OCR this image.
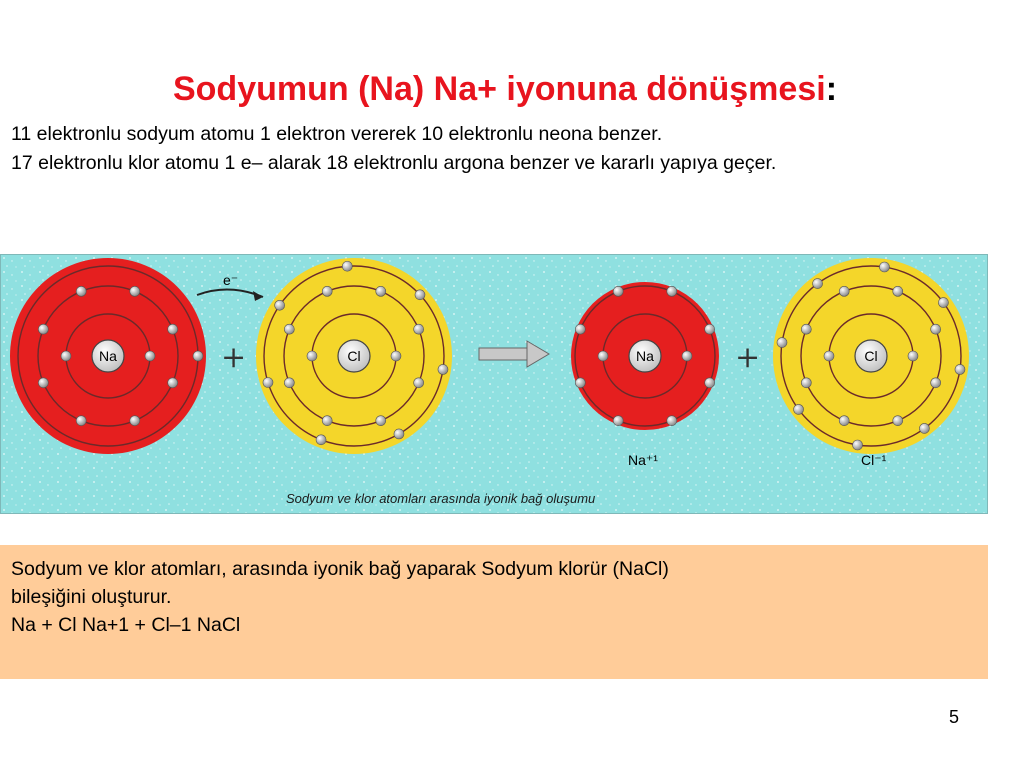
Sodyumun (Na) Na+ iyonuna dönüşmesi:

11 elektronlu sodyum atomu 1 elektron vererek 10 elektronlu neona benzer.

17 elektronlu klor atomu 1 e– alarak 18 elektronlu argona benzer ve kararlı yapıya geçer.

Na	Cl	Na	Cl
e⁻
+	+
Na⁺¹	Cl⁻¹
Sodyum ve klor atomları arasında iyonik bağ oluşumu

Sodyum ve klor atomları, arasında iyonik bağ yaparak Sodyum klorür (NaCl)

bileşiğini oluşturur.

Na + Cl Na+1 + Cl–1 NaCl

5
